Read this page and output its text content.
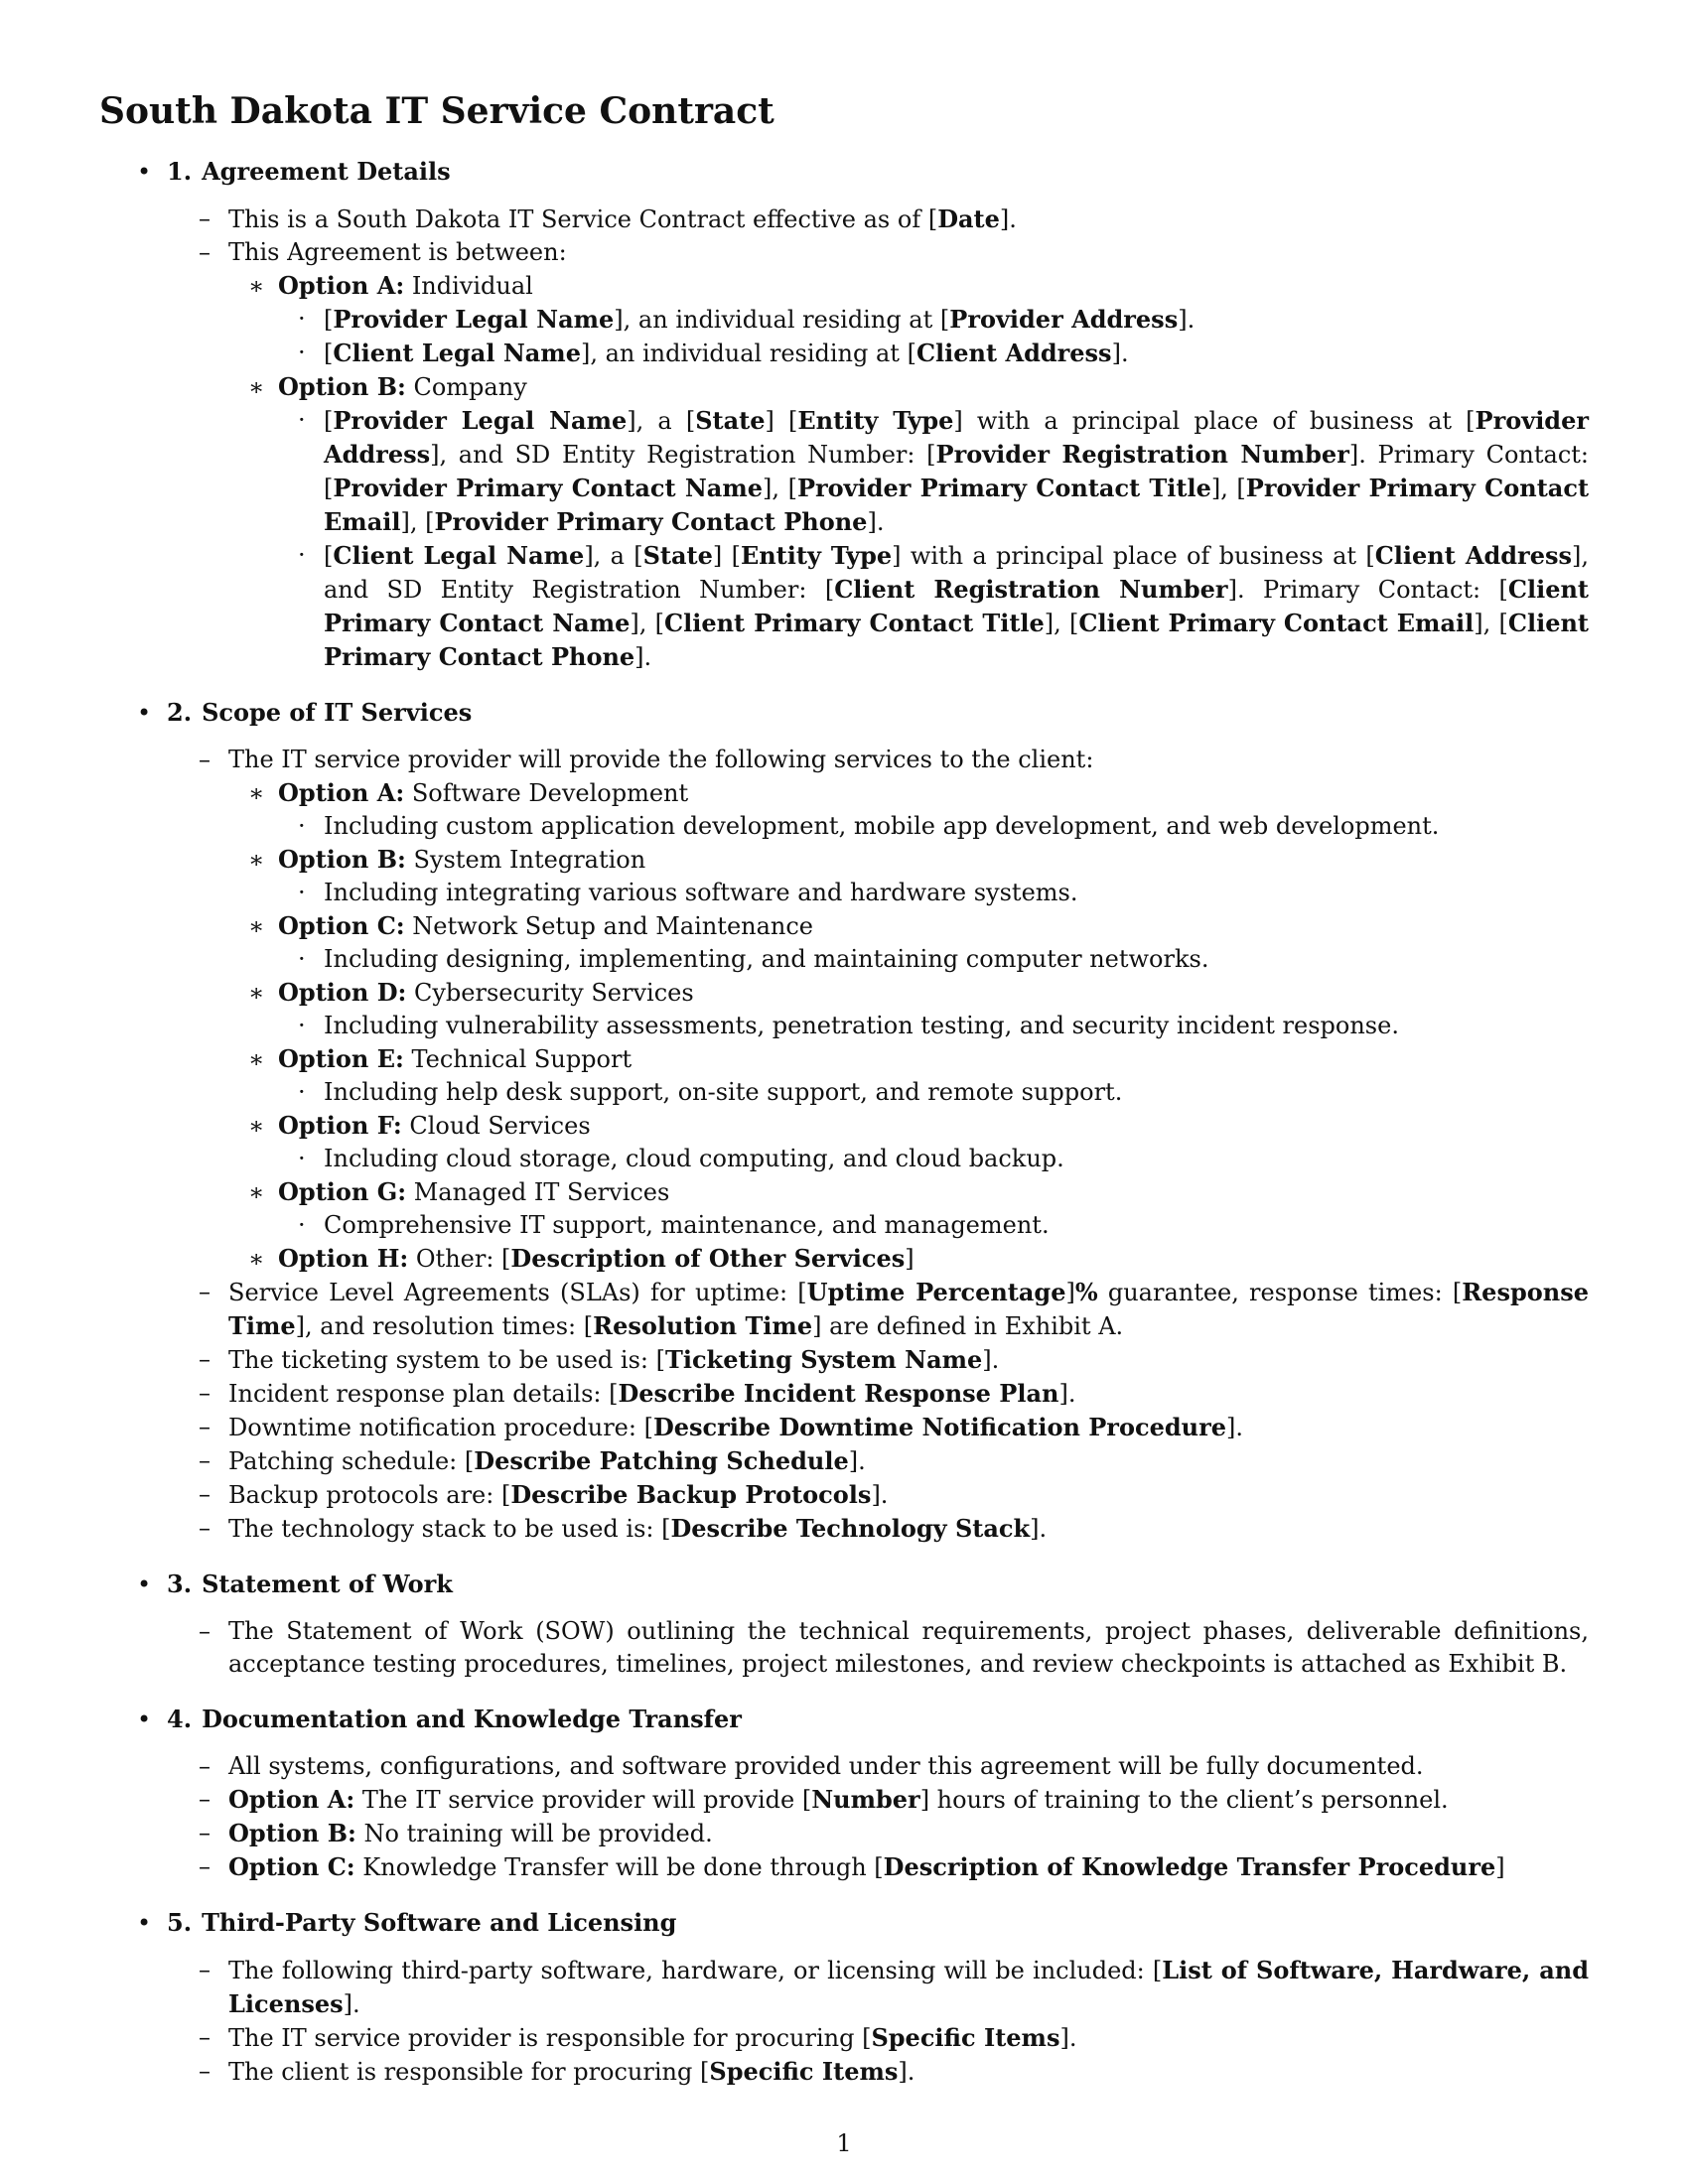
South Dakota IT Service Contract
• 1. Agreement Details
– This is a South Dakota IT Service Contract effective as of [Date].
– This Agreement is between:
∗ Option A: Individual
· [Provider Legal Name], an individual residing at [Provider Address].
· [Client Legal Name], an individual residing at [Client Address].
∗ Option B: Company
· [Provider Legal Name], a [State] [Entity Type] with a principal place of business at [Provider Address], and SD Entity Registration Number: [Provider Registration Number]. Primary Contact: [Provider Primary Contact Name], [Provider Primary Contact Title], [Provider Primary Contact Email], [Provider Primary Contact Phone].
· [Client Legal Name], a [State] [Entity Type] with a principal place of business at [Client Address], and SD Entity Registration Number: [Client Registration Number]. Primary Contact: [Client Primary Contact Name], [Client Primary Contact Title], [Client Primary Contact Email], [Client Primary Contact Phone].
• 2. Scope of IT Services
– The IT service provider will provide the following services to the client:
∗ Option A: Software Development
· Including custom application development, mobile app development, and web development.
∗ Option B: System Integration
· Including integrating various software and hardware systems.
∗ Option C: Network Setup and Maintenance
· Including designing, implementing, and maintaining computer networks.
∗ Option D: Cybersecurity Services
· Including vulnerability assessments, penetration testing, and security incident response.
∗ Option E: Technical Support
· Including help desk support, on-site support, and remote support.
∗ Option F: Cloud Services
· Including cloud storage, cloud computing, and cloud backup.
∗ Option G: Managed IT Services
· Comprehensive IT support, maintenance, and management.
∗ Option H: Other: [Description of Other Services]
– Service Level Agreements (SLAs) for uptime: [Uptime Percentage]% guarantee, response times: [Response Time], and resolution times: [Resolution Time] are defined in Exhibit A.
– The ticketing system to be used is: [Ticketing System Name].
– Incident response plan details: [Describe Incident Response Plan].
– Downtime notification procedure: [Describe Downtime Notification Procedure].
– Patching schedule: [Describe Patching Schedule].
– Backup protocols are: [Describe Backup Protocols].
– The technology stack to be used is: [Describe Technology Stack].
• 3. Statement of Work
– The Statement of Work (SOW) outlining the technical requirements, project phases, deliverable definitions, acceptance testing procedures, timelines, project milestones, and review checkpoints is attached as Exhibit B.
• 4. Documentation and Knowledge Transfer
– All systems, configurations, and software provided under this agreement will be fully documented.
– Option A: The IT service provider will provide [Number] hours of training to the client’s personnel.
– Option B: No training will be provided.
– Option C: Knowledge Transfer will be done through [Description of Knowledge Transfer Procedure]
• 5. Third-Party Software and Licensing
– The following third-party software, hardware, or licensing will be included: [List of Software, Hardware, and Licenses].
– The IT service provider is responsible for procuring [Specific Items].
– The client is responsible for procuring [Specific Items].
1
